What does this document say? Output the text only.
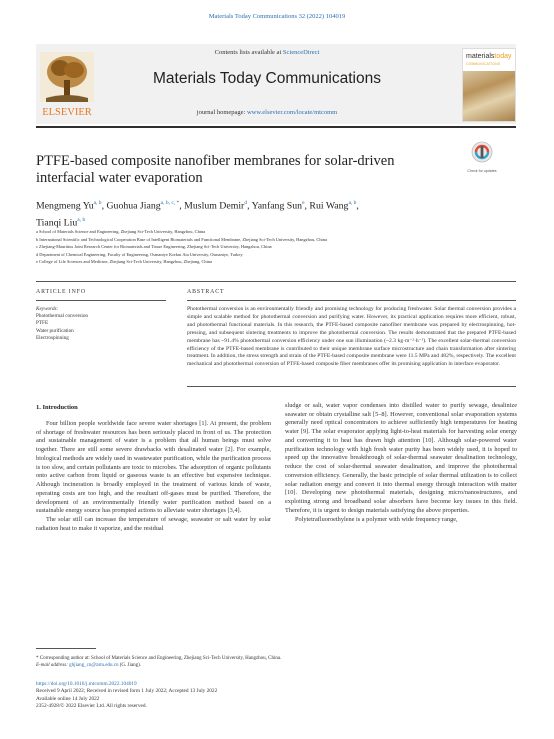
Materials Today Communications 32 (2022) 104019
ELSEVIER
Contents lists available at ScienceDirect
Materials Today Communications
journal homepage: www.elsevier.com/locate/mtcomm
materialstoday
COMMUNICATIONS
PTFE-based composite nanofiber membranes for solar-driven interfacial water evaporation	Check for updates
Mengmeng Yu$^{a, b}$, Guohua Jiang$^{a, b, c, *}$, Muslum Demir$^d$, Yanfang Sun$^e$, Rui Wang$^{a, b}$,
Tianqi Liu$^{a, b}$
a School of Materials Science and Engineering, Zhejiang Sci-Tech University, Hangzhou, China
b International Scientific and Technological Cooperation Base of Intelligent Biomaterials and Functional Membrane, Zhejiang Sci-Tech University, Hangzhou, China
c Zhejiang-Mauritius Joint Research Center for Biomaterials and Tissue Engineering, Zhejiang Sci-Tech University, Hangzhou, China
d Department of Chemical Engineering, Faculty of Engineering, Osmaniye Korkut Ata University, Osmaniye, Turkey
e College of Life Sciences and Medicine, Zhejiang Sci-Tech University, Hangzhou, Zhejiang, China
ARTICLE INFO	ABSTRACT
Keywords:
Photothermal conversion
PTFE
Water purification
Electrospinning
Photothermal conversion is an environmentally friendly and promising technology for producing freshwater. Solar thermal conversion provides a simple and scalable method for photothermal conversion and purifying water. However, its practical application requires more efficient, robust, and photothermal functional materials. In this research, the PTFE-based composite nanofiber membrane was prepared by electrospinning, hot-pressing, and subsequent sintering treatments to improve the photothermal conversion. The results demonstrated that the prepared PTFE-based membrane has ~91.4% photothermal conversion efficiency under one sun illumination (~2.3 kg·m⁻²·h⁻¹). The excellent solar-thermal conversion efficiency of the PTFE-based membrane is contributed to their unique membrane surface microstructure and chain transformation after sintering treatment. In addition, the stress strength and strain of the PTFE-based composite membrane were 11.5 MPa and 482%, respectively. The excellent mechanical and photothermal conversion of PTFE-based composite fiber membranes offer its promising application in interface evaporator.
1. Introduction

Four billion people worldwide face severe water shortages [1]. At present, the problem of shortage of freshwater resources has been seriously placed in front of us. The protection and sustainable management of water is a problem that all human beings must solve together. There are still some severe drawbacks with desalinated water [2]. For example, biological methods are widely used in wastewater purification, while the purification process is too slow, and certain pollutants are toxic to microbes. The adsorption of organic pollutants onto active carbon from liquid or gaseous waste is an effective but expensive technique. Although incineration is broadly employed in the treatment of various kinds of waste, operating costs are too high, and the resultant off-gases must be purified. Therefore, the development of an environmentally friendly water purification method based on a sustainable energy source has prompted actions to alleviate water shortages [3,4].

The solar still can increase the temperature of sewage, seawater or salt water by solar radiation heat to make it vaporize, and the residual

sludge or salt, water vapor condenses into distilled water to purify sewage, desalinize seawater or obtain crystalline salt [5–8]. However, conventional solar evaporation systems generally need optical concentrators to achieve sufficiently high temperatures for heating water [9]. The solar evaporator applying light-to-heat materials for harvesting solar energy and converting it to heat has drawn high attention [10]. Although solar-powered water purification technology with high fresh water purity has been widely used, it is hoped to speed up the innovative breakthrough of solar-thermal seawater desalination technology, reduce the cost of solar-thermal seawater desalination, and improve the photothermal conversion efficiency. Generally, the basic principle of solar thermal utilization is to collect solar radiation energy and convert it into thermal energy through interaction with matter [10]. Developing new photothermal materials, designing micro/nanostructures, and exploiting strong and broadband solar absorbers have become key issues in this field. Therefore, it is urgent to design materials satisfying the above properties.

Polytetrafluoroethylene is a polymer with wide frequency range,

* Corresponding author at: School of Materials Science and Engineering, Zhejiang Sci-Tech University, Hangzhou, China.
E-mail address: ghjiang_cn@zstu.edu.cn (G. Jiang).
https://doi.org/10.1016/j.mtcomm.2022.104019
Received 9 April 2022; Received in revised form 1 July 2022; Accepted 13 July 2022
Available online 14 July 2022
2352-4928/© 2022 Elsevier Ltd. All rights reserved.
